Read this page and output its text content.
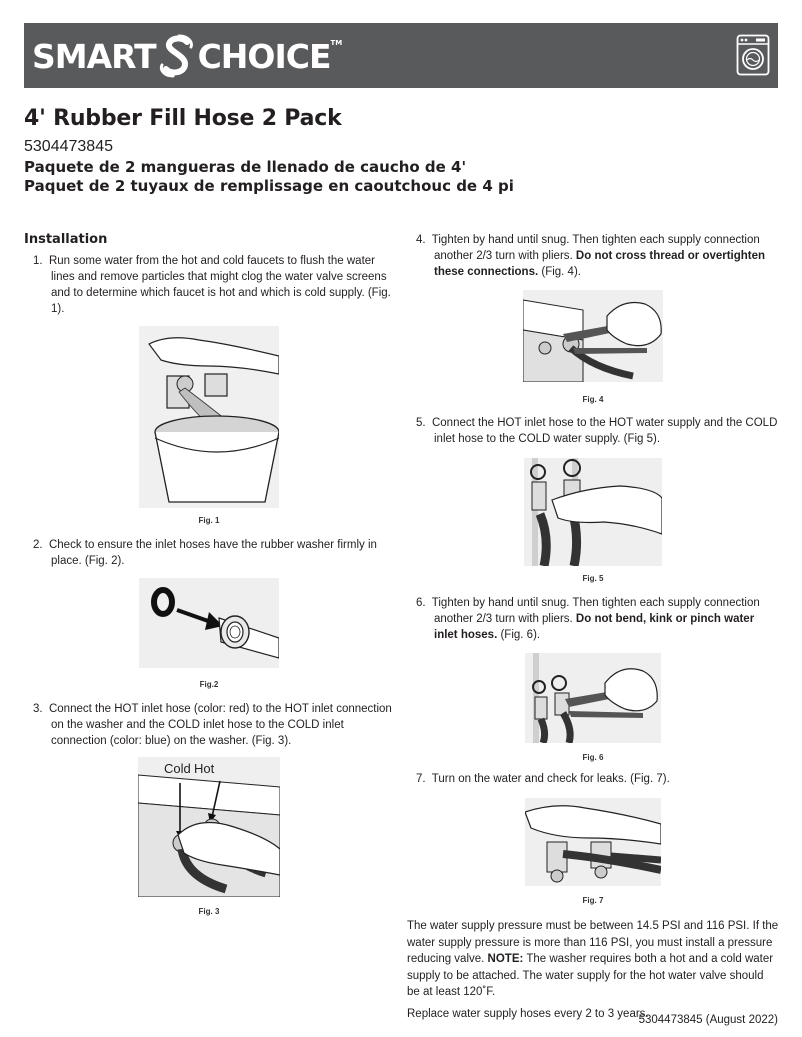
SMART CHOICE TM
4' Rubber Fill Hose 2 Pack
5304473845
Paquete de 2 mangueras de llenado de caucho de 4'
Paquet de 2 tuyaux de remplissage en caoutchouc de 4 pi
Installation
1. Run some water from the hot and cold faucets to flush the water lines and remove particles that might clog the water valve screens and to determine which faucet is hot and which is cold supply. (Fig. 1).
Fig. 1
2. Check to ensure the inlet hoses have the rubber washer firmly in place. (Fig. 2).
Fig.2
3. Connect the HOT inlet hose (color: red) to the HOT inlet connection on the washer and the COLD inlet hose to the COLD inlet connection (color: blue) on the washer. (Fig. 3).
Cold Hot
Fig. 3
4. Tighten by hand until snug. Then tighten each supply connection another 2/3 turn with pliers. Do not cross thread or overtighten these connections. (Fig. 4).
Fig. 4
5. Connect the HOT inlet hose to the HOT water supply and the COLD inlet hose to the COLD water supply. (Fig 5).
Fig. 5
6. Tighten by hand until snug. Then tighten each supply connection another 2/3 turn with pliers. Do not bend, kink or pinch water inlet hoses. (Fig. 6).
Fig. 6
7. Turn on the water and check for leaks. (Fig. 7).
Fig. 7
The water supply pressure must be between 14.5 PSI and 116 PSI. If the water supply pressure is more than 116 PSI, you must install a pressure reducing valve. NOTE: The washer requires both a hot and a cold water supply to be attached. The water supply for the hot water valve should be at least 120˚F.
Replace water supply hoses every 2 to 3 years.
5304473845 (August 2022)
